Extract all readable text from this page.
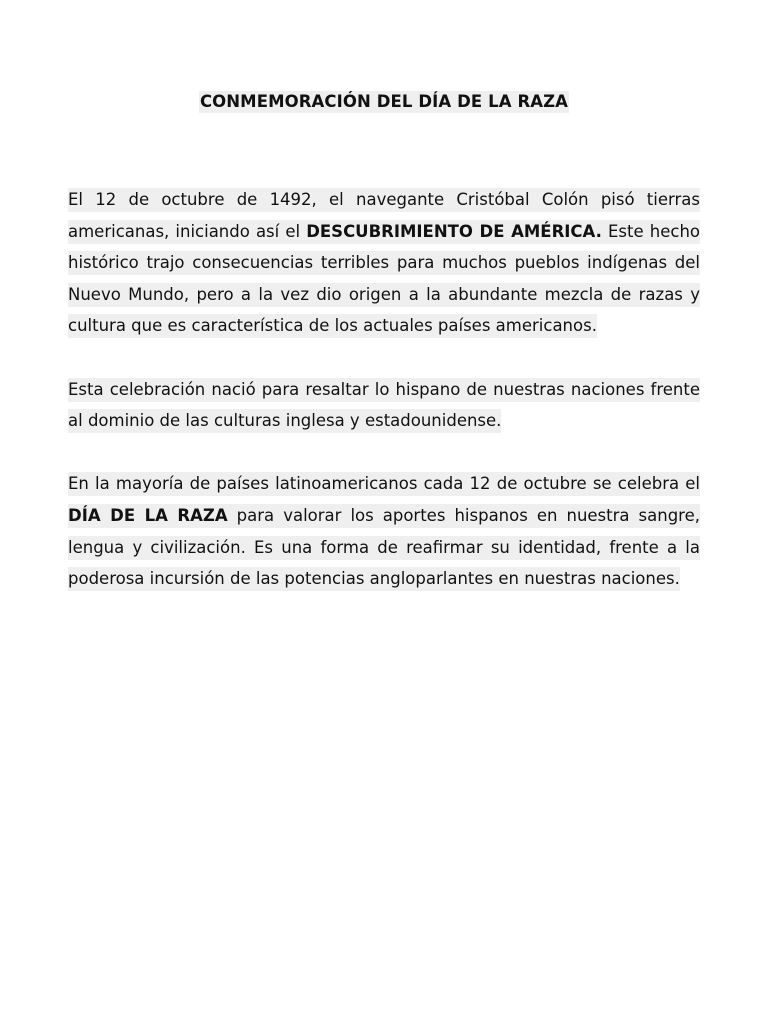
CONMEMORACIÓN DEL DÍA DE LA RAZA

El 12 de octubre de 1492, el navegante Cristóbal Colón pisó tierras americanas, iniciando así el DESCUBRIMIENTO DE AMÉRICA. Este hecho histórico trajo consecuencias terribles para muchos pueblos indígenas del Nuevo Mundo, pero a la vez dio origen a la abundante mezcla de razas y cultura que es característica de los actuales países americanos.

Esta celebración nació para resaltar lo hispano de nuestras naciones frente al dominio de las culturas inglesa y estadounidense.

En la mayoría de países latinoamericanos cada 12 de octubre se celebra el DÍA DE LA RAZA para valorar los aportes hispanos en nuestra sangre, lengua y civilización. Es una forma de reafirmar su identidad, frente a la poderosa incursión de las potencias angloparlantes en nuestras naciones.
